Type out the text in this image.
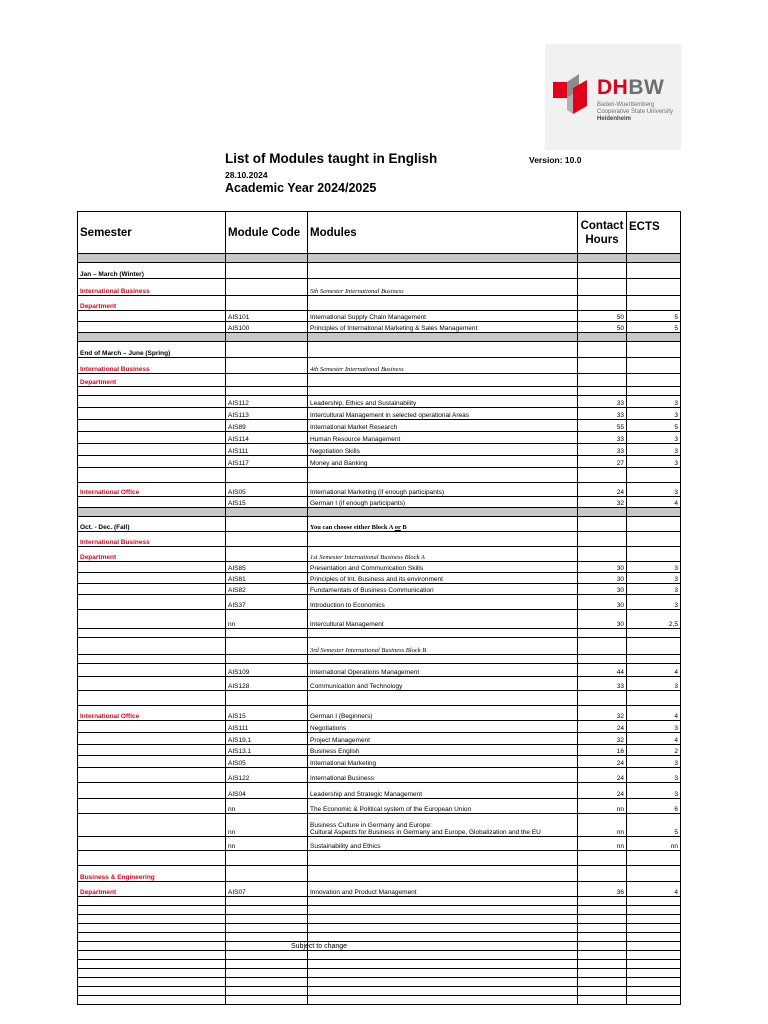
DHBW
Baden-Wuerttemberg
Cooperative State University
Heidenheim
List of Modules taught in English	Version: 10.0
28.10.2024
Academic Year 2024/2025
Semester	Module Code	Modules	Contact
Hours	ECTS

Jan – March (Winter)				
International Business		5th Semester International Business		
Department				
	AIS101	International Supply Chain Management	50	5
	AIS100	Principles of International Marketing & Sales Management	50	5

End of March – June (Spring)				
International Business		4th Semester International Business		
Department				

	AIS112	Leadership, Ethics and Sustainability	33	3
	AIS113	Intercultural Management in selected operational Areas	33	3
	AIS89	International Market Research	55	5
	AIS114	Human Resource Management	33	3
	AIS111	Negotiation Skills	33	3
	AIS117	Money and Banking	27	3

International Office	AIS05	International Marketing (if enough participants)	24	3
	AIS15	German I (if enough participants)	32	4

Oct. - Dec. (Fall)		You can choose either Block A or B		
International Business				
Department		1st Semester International Business Block A		
	AIS85	Presentation and Communication Skills	30	3
	AIS81	Principles of Int. Business and its environment	30	3
	AIS82	Fundamentals of Business Communication	30	3
	AIS37	Introduction to Economics	30	3
	nn	Intercultural Management	30	2,5

		3rd Semester International Business Block B		

	AIS109	International Operations Management	44	4
	AIS128	Communication and Technology	33	3

International Office	AIS15	German I (Beginners)	32	4
	AIS111	Negotiations	24	3
	AIS19.1	Project Management	32	4
	AIS13.1	Business English	16	2
	AIS05	International Marketing	24	3
	AIS122	International Business	24	3
	AIS04	Leadership and Strategic Management	24	3
	nn	The Economic & Political system of the European Union	nn	6
	nn	Business Culture in Germany and Europe:
Cultural Aspects for Business in Germany and Europe, Globalization and the EU	nn	5
	nn	Sustainability and Ethics	nn	nn

Business & Engineering				
Department	AIS07	Innovation and Product Management	36	4

Subject to change
